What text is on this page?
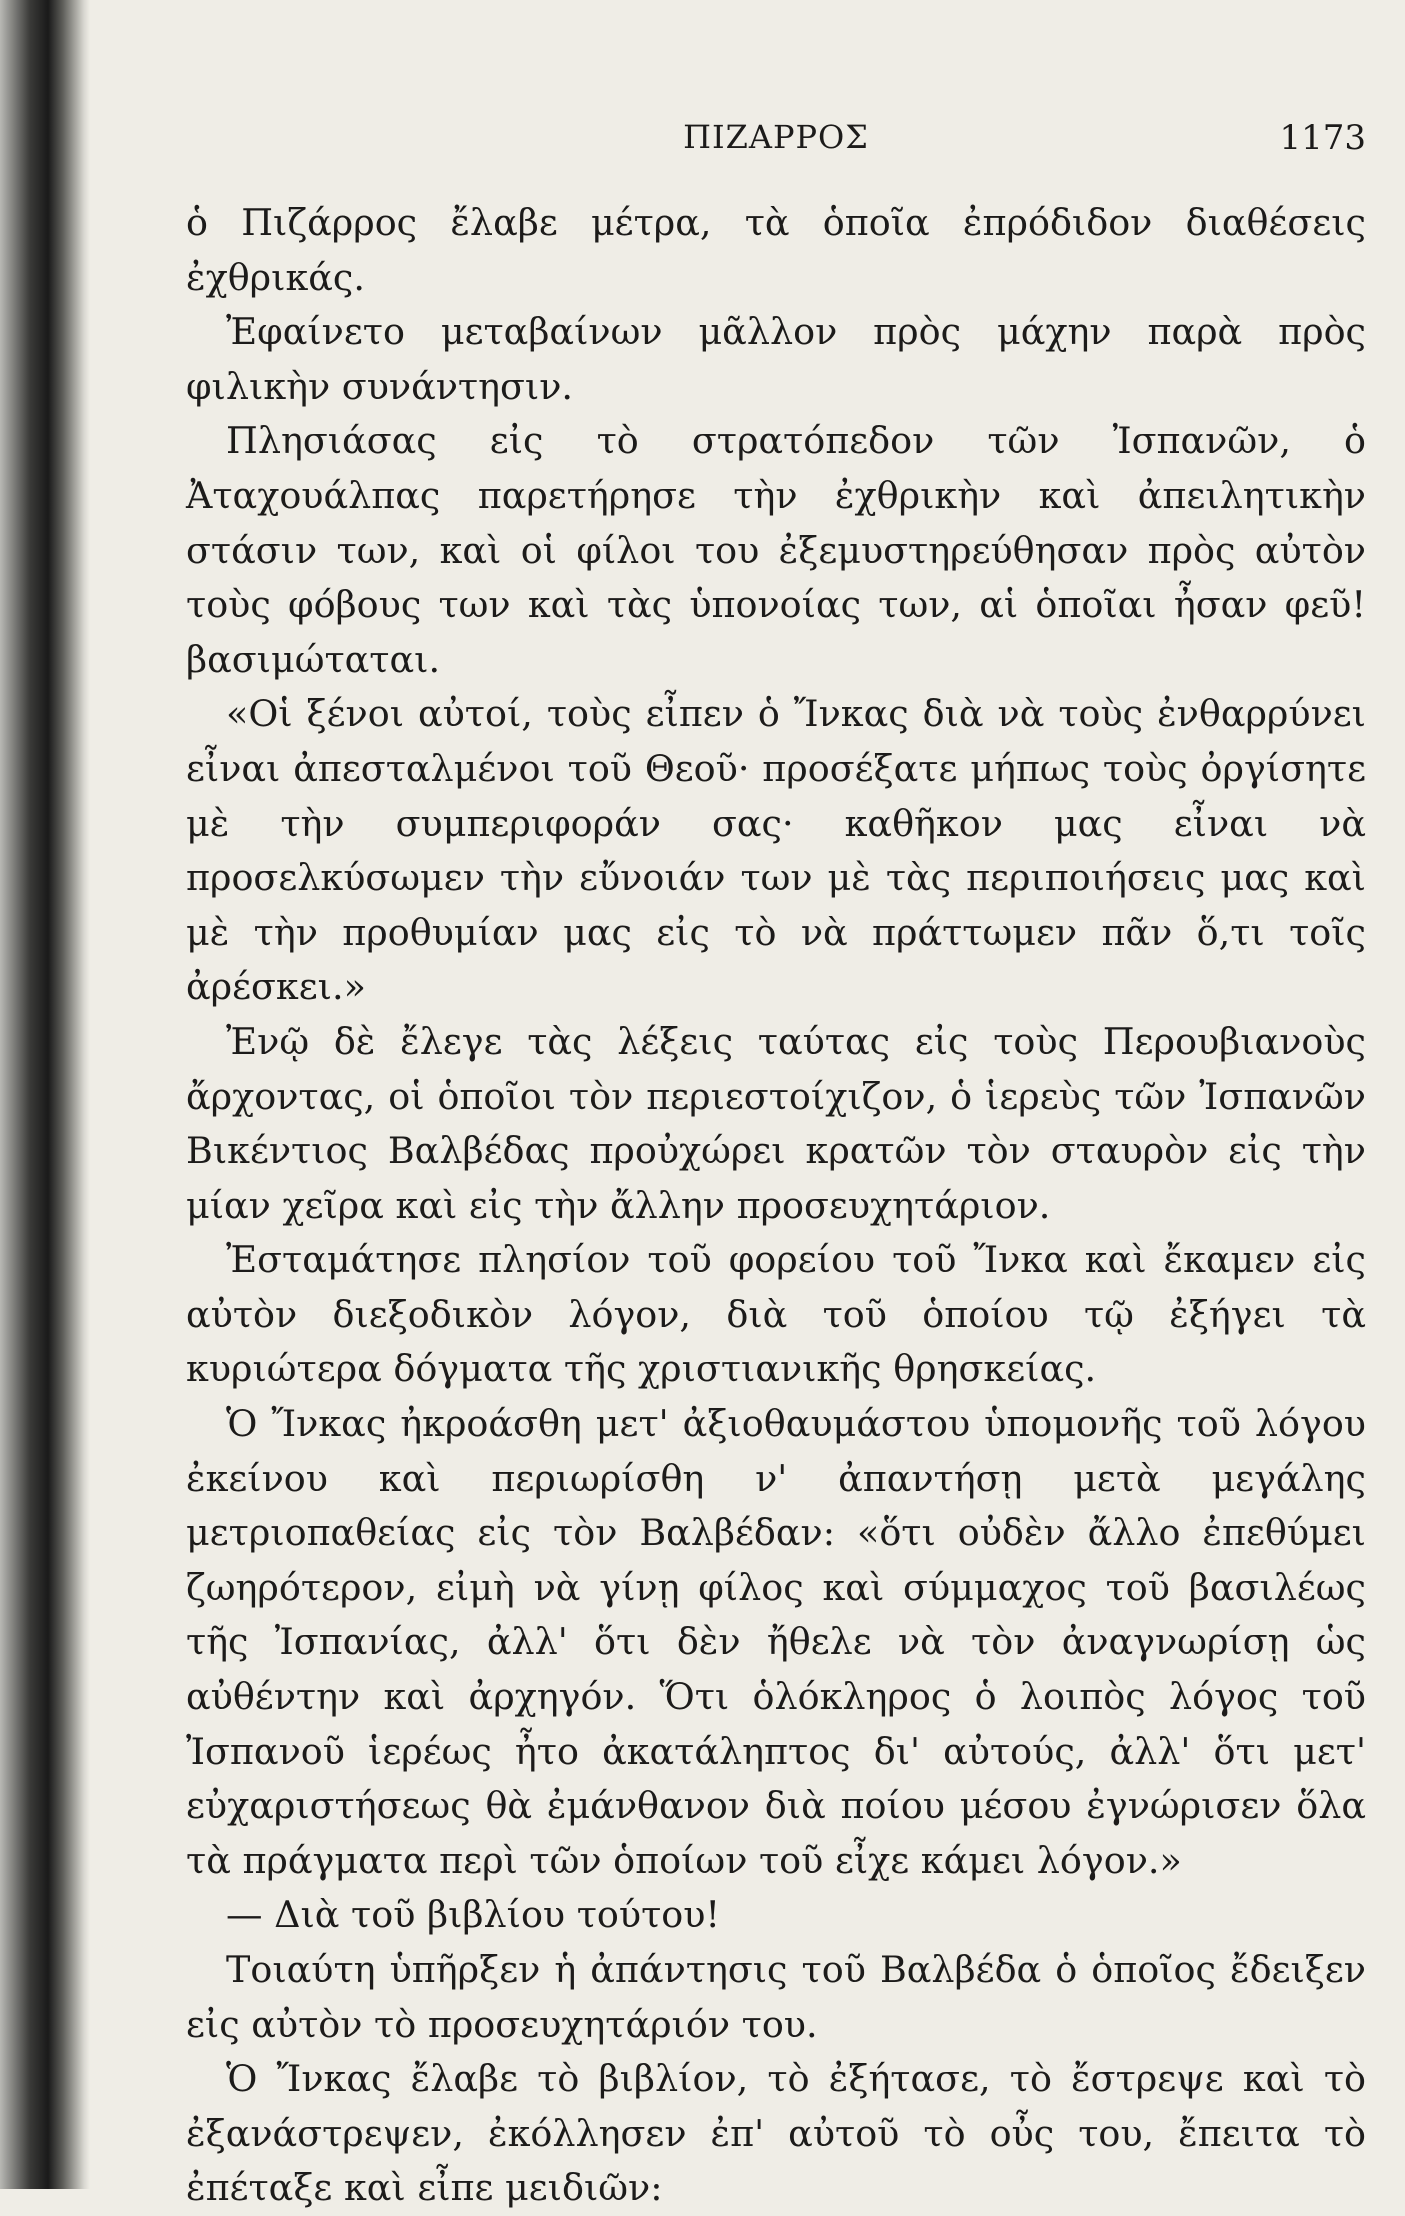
ΠΙΖΑΡΡΟΣ	1173

ὁ Πιζάρρος ἔλαβε μέτρα, τὰ ὁποῖα ἐπρόδιδον διαθέσεις ἐχθρικάς.

Ἐφαίνετο μεταβαίνων μᾶλλον πρὸς μάχην παρὰ πρὸς φιλικὴν συνάντησιν.

Πλησιάσας εἰς τὸ στρατόπεδον τῶν Ἰσπανῶν, ὁ Ἀταχουάλπας παρετήρησε τὴν ἐχθρικὴν καὶ ἀπειλητικὴν στάσιν των, καὶ οἱ φίλοι του ἐξεμυστηρεύθησαν πρὸς αὐτὸν τοὺς φόβους των καὶ τὰς ὑπονοίας των, αἱ ὁποῖαι ἦσαν φεῦ! βασιμώταται.

«Οἱ ξένοι αὐτοί, τοὺς εἶπεν ὁ Ἴνκας διὰ νὰ τοὺς ἐνθαρρύνει εἶναι ἀπεσταλμένοι τοῦ Θεοῦ· προσέξατε μήπως τοὺς ὀργίσητε μὲ τὴν συμπεριφοράν σας· καθῆκον μας εἶναι νὰ προσελκύσωμεν τὴν εὔνοιάν των μὲ τὰς περιποιήσεις μας καὶ μὲ τὴν προθυμίαν μας εἰς τὸ νὰ πράττωμεν πᾶν ὅ,τι τοῖς ἀρέσκει.»

Ἐνῷ δὲ ἔλεγε τὰς λέξεις ταύτας εἰς τοὺς Περουβιανοὺς ἄρχοντας, οἱ ὁποῖοι τὸν περιεστοίχιζον, ὁ ἱερεὺς τῶν Ἰσπανῶν Βικέντιος Βαλβέδας προὐχώρει κρατῶν τὸν σταυρὸν εἰς τὴν μίαν χεῖρα καὶ εἰς τὴν ἄλλην προσευχητάριον.

Ἐσταμάτησε πλησίον τοῦ φορείου τοῦ Ἴνκα καὶ ἔκαμεν εἰς αὐτὸν διεξοδικὸν λόγον, διὰ τοῦ ὁποίου τῷ ἐξήγει τὰ κυριώτερα δόγματα τῆς χριστιανικῆς θρησκείας.

Ὁ Ἴνκας ἠκροάσθη μετ' ἀξιοθαυμάστου ὑπομονῆς τοῦ λόγου ἐκείνου καὶ περιωρίσθη ν' ἀπαντήσῃ μετὰ μεγάλης μετριοπαθείας εἰς τὸν Βαλβέδαν: «ὅτι οὐδὲν ἄλλο ἐπεθύμει ζωηρότερον, εἰμὴ νὰ γίνῃ φίλος καὶ σύμμαχος τοῦ βασιλέως τῆς Ἰσπανίας, ἀλλ' ὅτι δὲν ἤθελε νὰ τὸν ἀναγνωρίσῃ ὡς αὐθέντην καὶ ἀρχηγόν. Ὅτι ὁλόκληρος ὁ λοιπὸς λόγος τοῦ Ἰσπανοῦ ἱερέως ἦτο ἀκατάληπτος δι' αὐτούς, ἀλλ' ὅτι μετ' εὐχαριστήσεως θὰ ἐμάνθανον διὰ ποίου μέσου ἐγνώρισεν ὅλα τὰ πράγματα περὶ τῶν ὁποίων τοῦ εἶχε κάμει λόγον.»

— Διὰ τοῦ βιβλίου τούτου!

Τοιαύτη ὑπῆρξεν ἡ ἀπάντησις τοῦ Βαλβέδα ὁ ὁποῖος ἔδειξεν εἰς αὐτὸν τὸ προσευχητάριόν του.

Ὁ Ἴνκας ἔλαβε τὸ βιβλίον, τὸ ἐξήτασε, τὸ ἔστρεψε καὶ τὸ ἐξανάστρεψεν, ἐκόλλησεν ἐπ' αὐτοῦ τὸ οὖς του, ἔπειτα τὸ ἐπέταξε καὶ εἶπε μειδιῶν:
